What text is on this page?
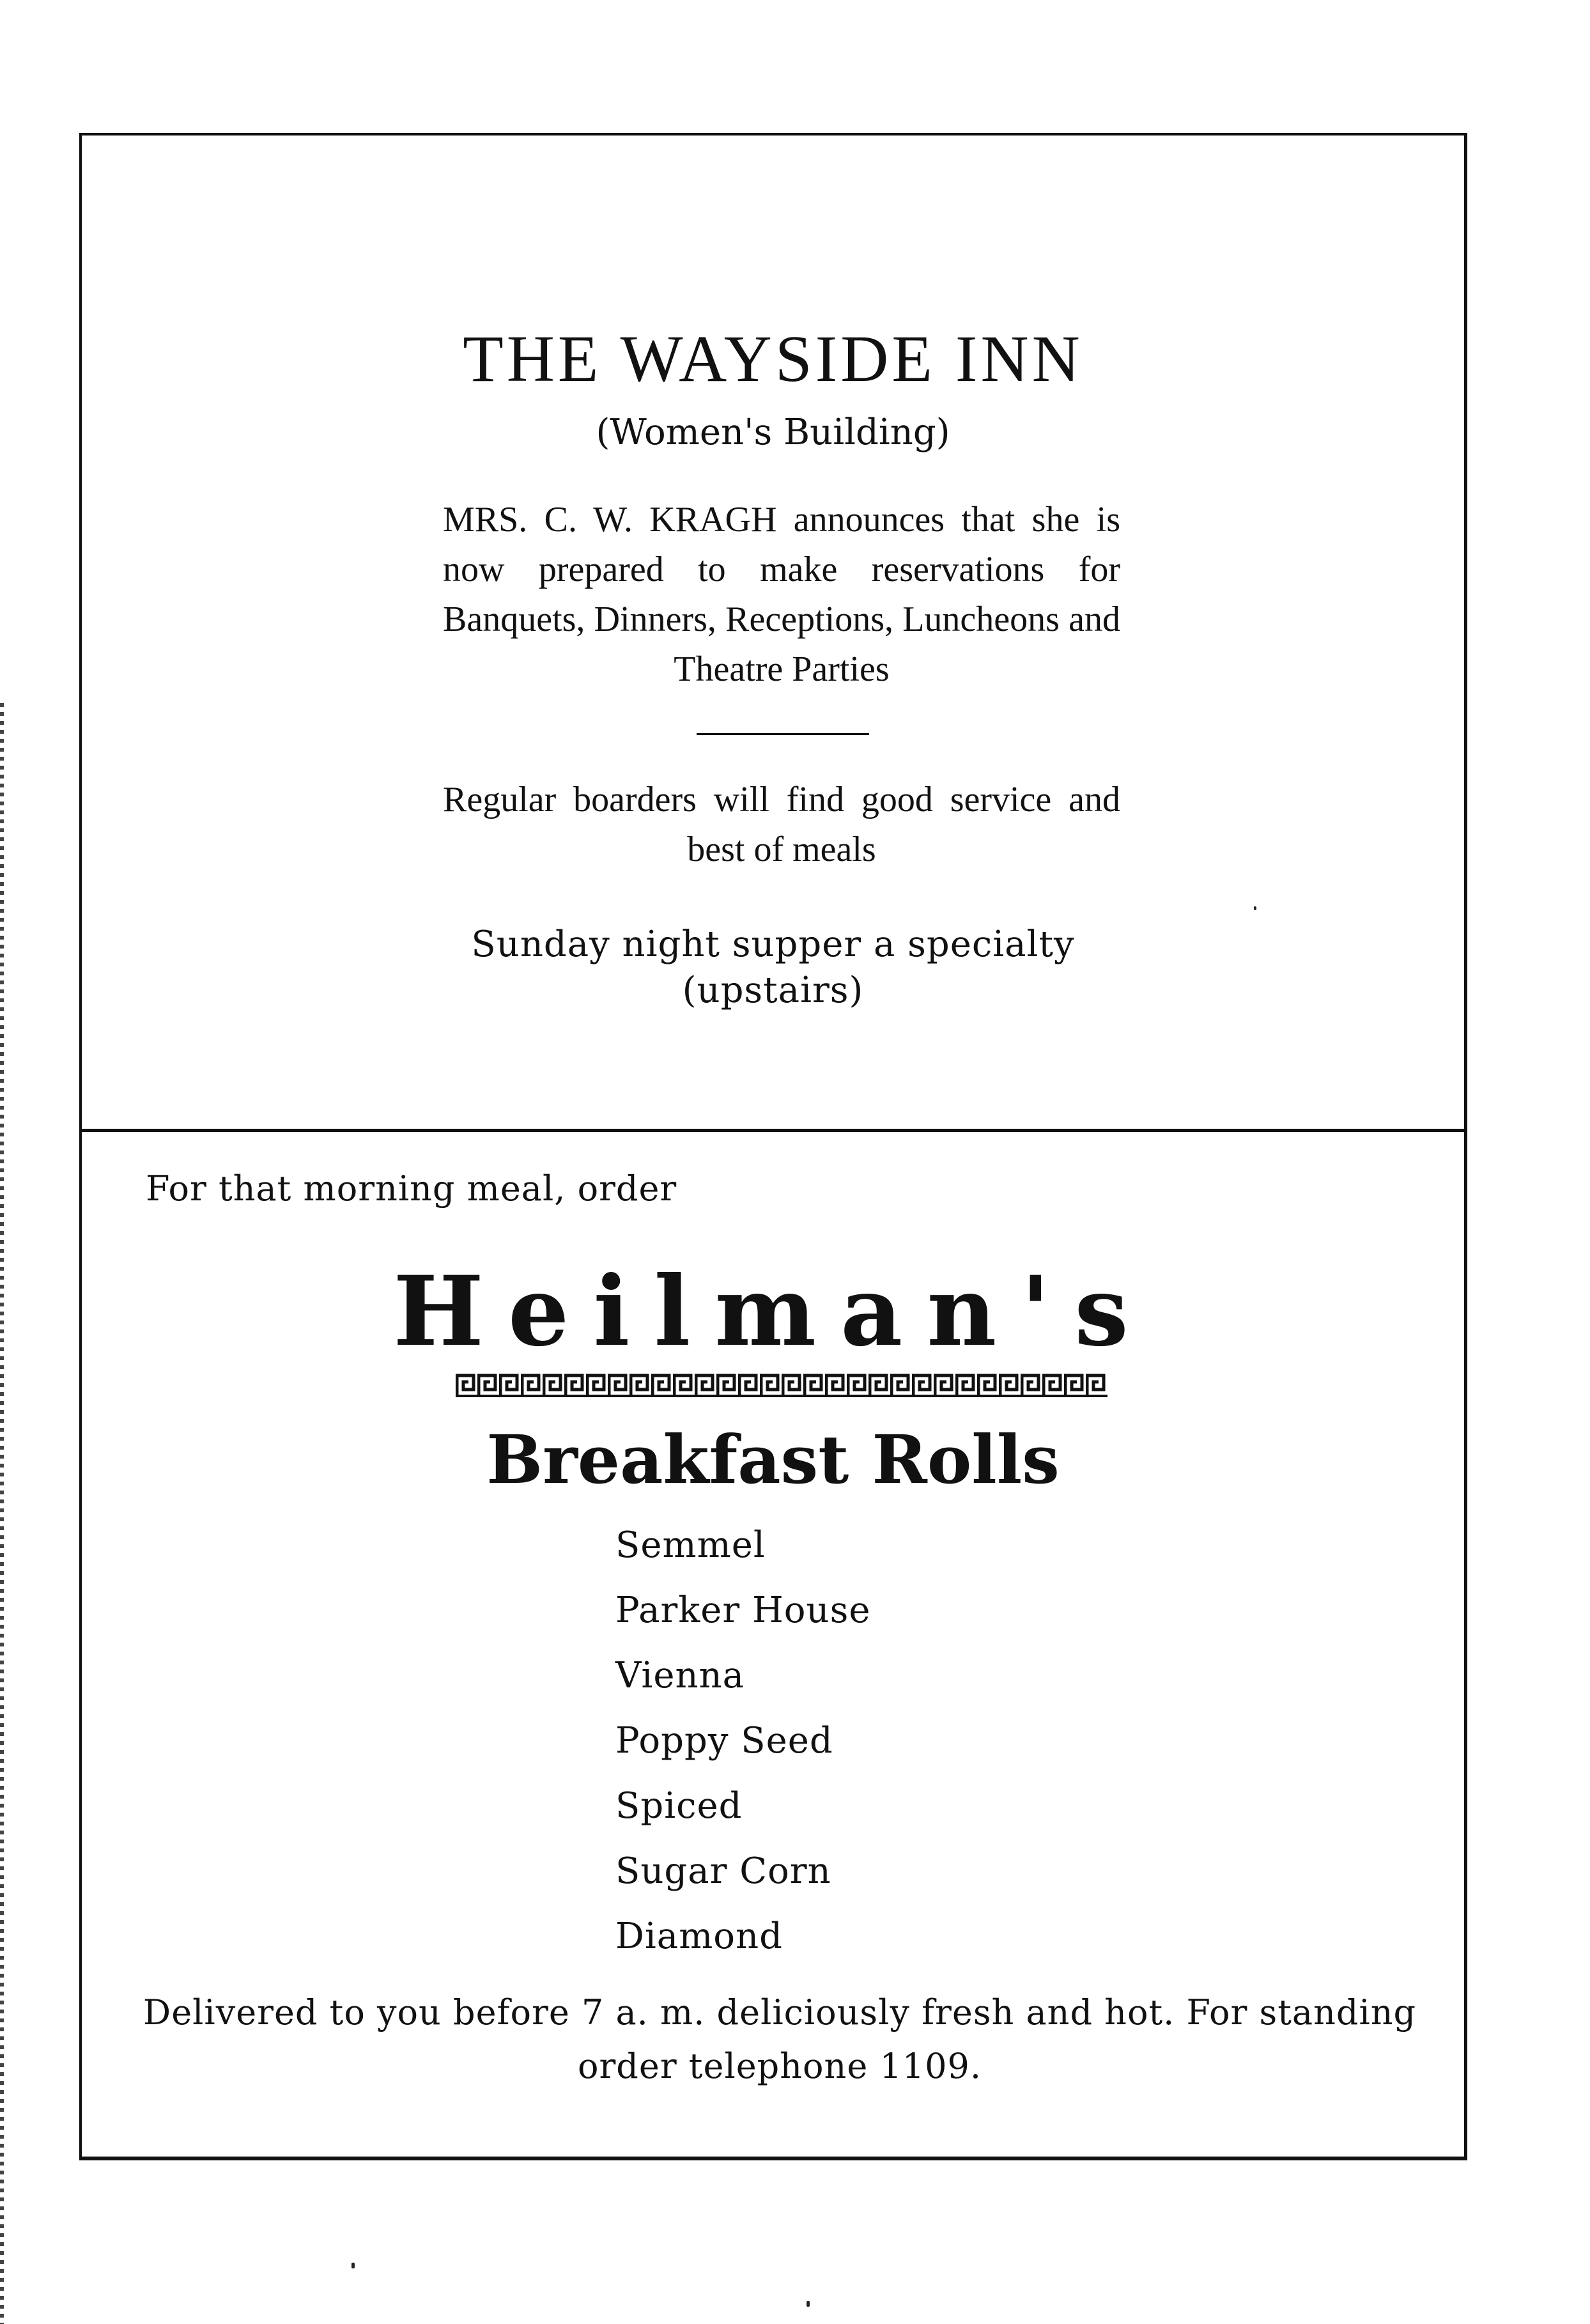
THE WAYSIDE INN
(Women's Building)
MRS. C. W. KRAGH announces that she is now prepared to make reservations for Banquets, Dinners, Receptions, Luncheons and Theatre Parties
Regular boarders will find good service and best of meals
Sunday night supper a specialty
(upstairs)
For that morning meal, order
Heilman's
Breakfast Rolls
Semmel
Parker House
Vienna
Poppy Seed
Spiced
Sugar Corn
Diamond
Delivered to you before 7 a. m. deliciously fresh and hot. For standing order telephone 1109.
